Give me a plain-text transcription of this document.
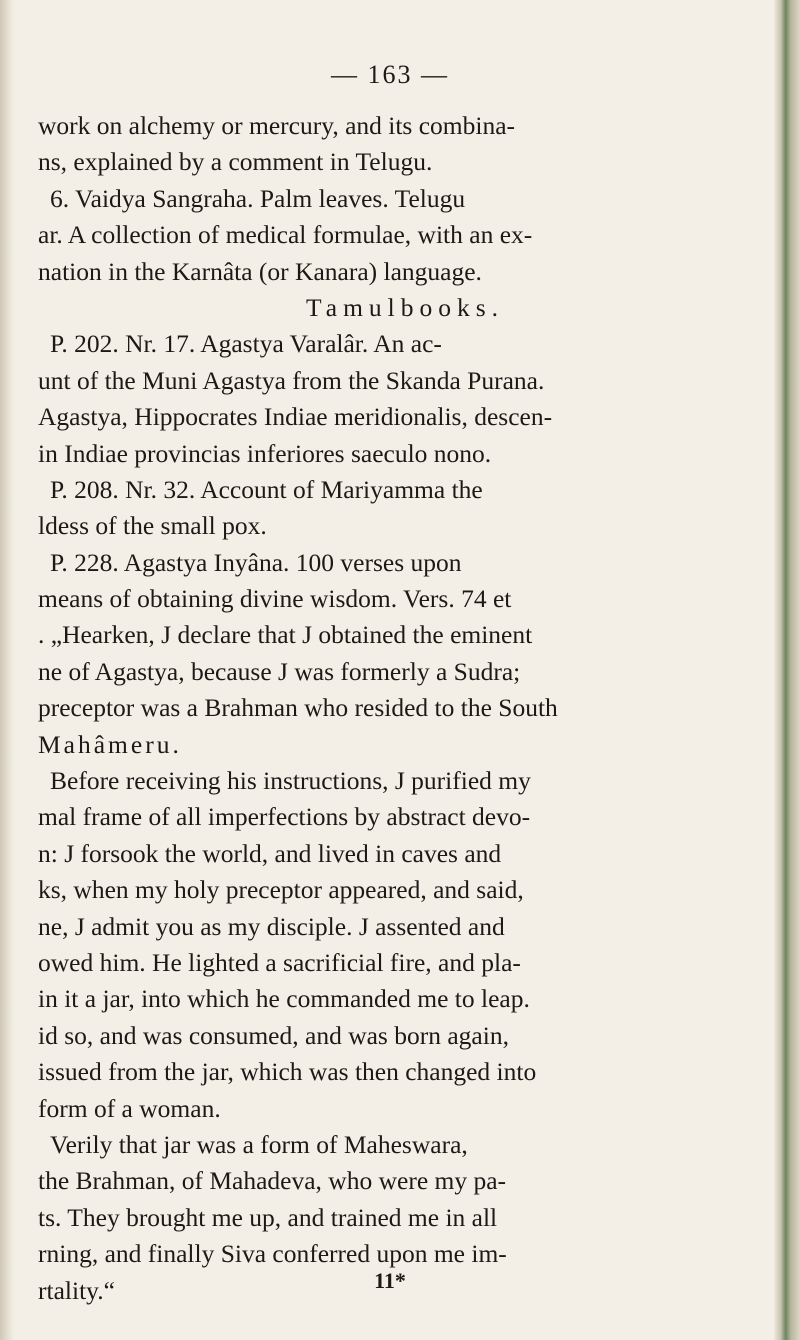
— 163 —
work on alchemy or mercury, and its combina-
ns, explained by a comment in Telugu.
6. Vaidya Sangraha. Palm leaves. Telugu
ar. A collection of medical formulae, with an ex-
nation in the Karnâta (or Kanara) language.
Tamulbooks.
P. 202. Nr. 17. Agastya Varalâr. An ac-
unt of the Muni Agastya from the Skanda Purana.
Agastya, Hippocrates Indiae meridionalis, descen-
in Indiae provincias inferiores saeculo nono.
P. 208. Nr. 32. Account of Mariyamma the
ldess of the small pox.
P. 228. Agastya Inyâna. 100 verses upon
means of obtaining divine wisdom. Vers. 74 et
. „Hearken, J declare that J obtained the eminent
ne of Agastya, because J was formerly a Sudra;
preceptor was a Brahman who resided to the South
Mahâmeru.
Before receiving his instructions, J purified my
mal frame of all imperfections by abstract devo-
n: J forsook the world, and lived in caves and
ks, when my holy preceptor appeared, and said,
ne, J admit you as my disciple. J assented and
owed him. He lighted a sacrificial fire, and pla-
in it a jar, into which he commanded me to leap.
id so, and was consumed, and was born again,
issued from the jar, which was then changed into
form of a woman.
Verily that jar was a form of Maheswara,
the Brahman, of Mahadeva, who were my pa-
ts. They brought me up, and trained me in all
rning, and finally Siva conferred upon me im-
rtality.“	11*
